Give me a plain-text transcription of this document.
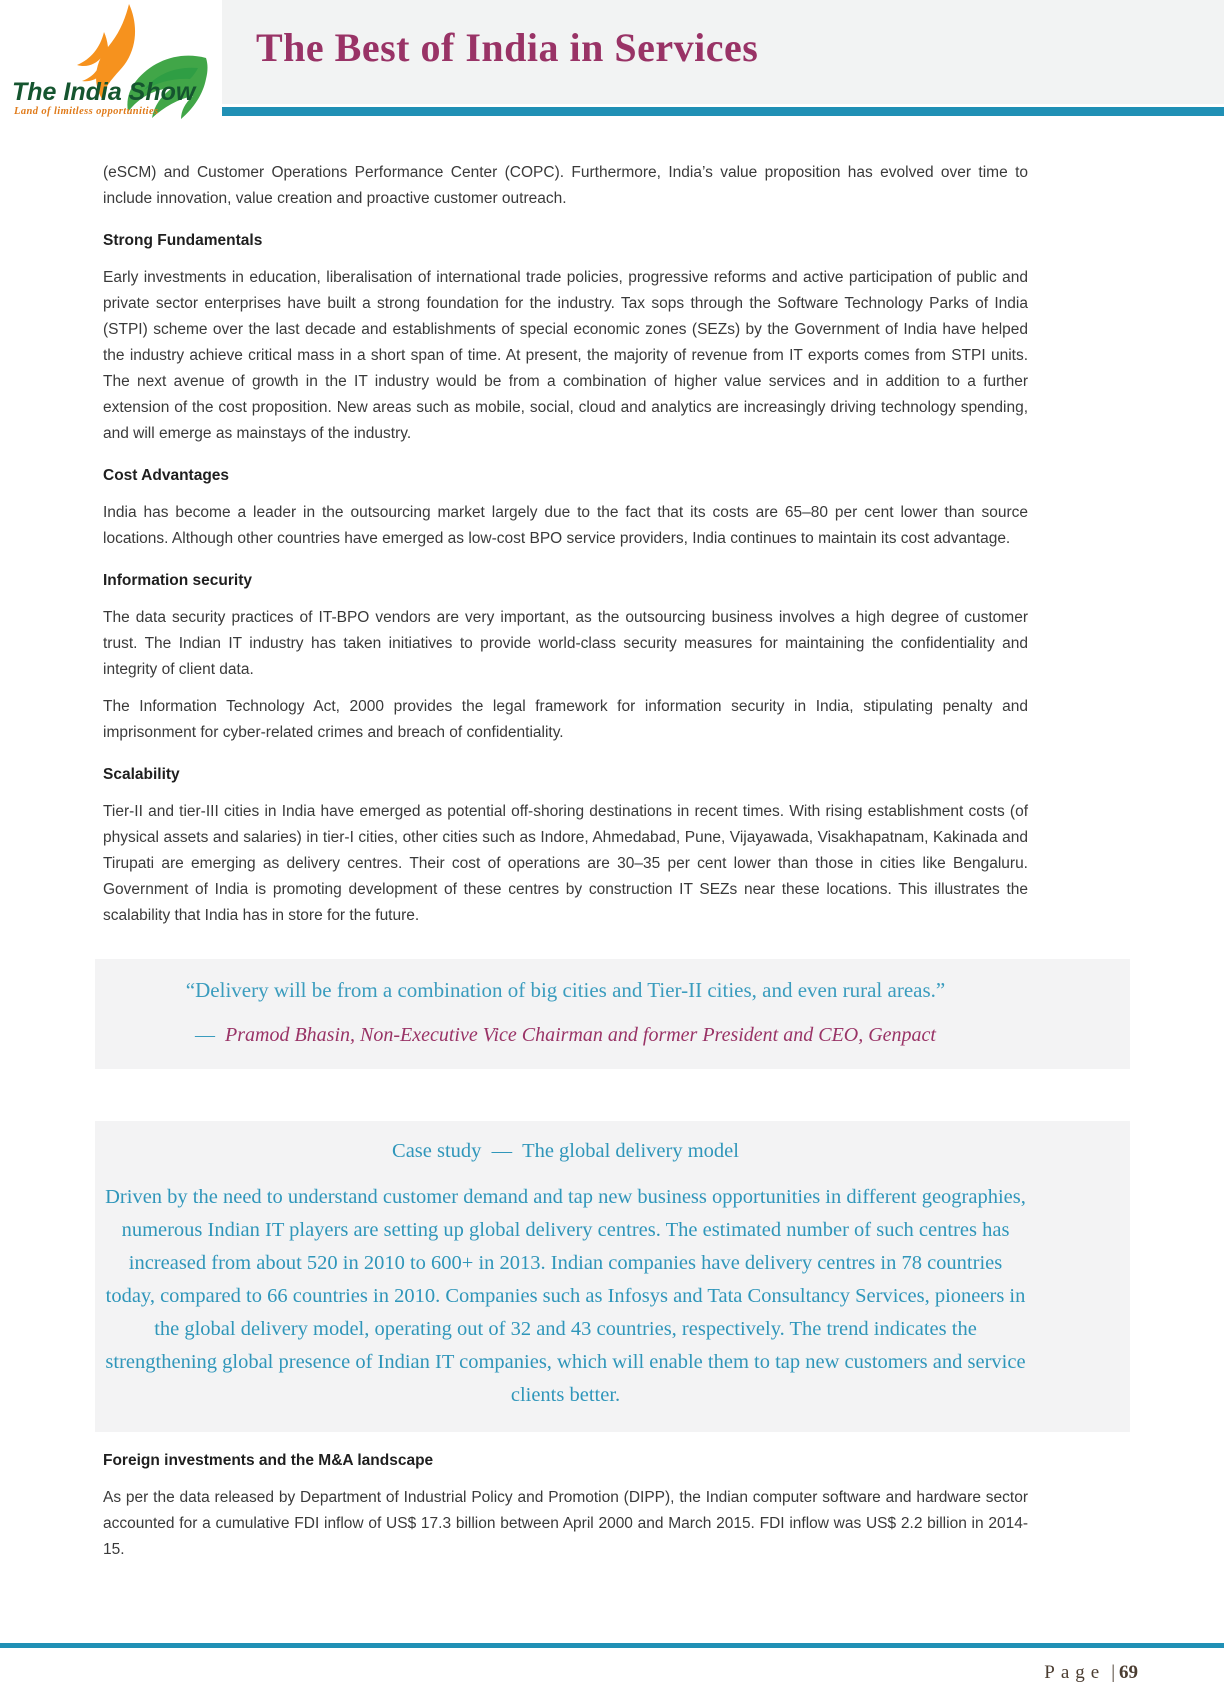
The Best of India in Services
The India Show
Land of limitless opportunities

(eSCM) and Customer Operations Performance Center (COPC). Furthermore, India’s value proposition has evolved over time to include innovation, value creation and proactive customer outreach.

Strong Fundamentals

Early investments in education, liberalisation of international trade policies, progressive reforms and active participation of public and private sector enterprises have built a strong foundation for the industry. Tax sops through the Software Technology Parks of India (STPI) scheme over the last decade and establishments of special economic zones (SEZs) by the Government of India have helped the industry achieve critical mass in a short span of time. At present, the majority of revenue from IT exports comes from STPI units. The next avenue of growth in the IT industry would be from a combination of higher value services and in addition to a further extension of the cost proposition. New areas such as mobile, social, cloud and analytics are increasingly driving technology spending, and will emerge as mainstays of the industry.

Cost Advantages

India has become a leader in the outsourcing market largely due to the fact that its costs are 65–80 per cent lower than source locations. Although other countries have emerged as low-cost BPO service providers, India continues to maintain its cost advantage.

Information security

The data security practices of IT-BPO vendors are very important, as the outsourcing business involves a high degree of customer trust. The Indian IT industry has taken initiatives to provide world-class security measures for maintaining the confidentiality and integrity of client data.

The Information Technology Act, 2000 provides the legal framework for information security in India, stipulating penalty and imprisonment for cyber-related crimes and breach of confidentiality.

Scalability

Tier-II and tier-III cities in India have emerged as potential off-shoring destinations in recent times. With rising establishment costs (of physical assets and salaries) in tier-I cities, other cities such as Indore, Ahmedabad, Pune, Vijayawada, Visakhapatnam, Kakinada and Tirupati are emerging as delivery centres. Their cost of operations are 30–35 per cent lower than those in cities like Bengaluru. Government of India is promoting development of these centres by construction IT SEZs near these locations. This illustrates the scalability that India has in store for the future.

“Delivery will be from a combination of big cities and Tier-II cities, and even rural areas.”

— Pramod Bhasin, Non-Executive Vice Chairman and former President and CEO, Genpact

Case study — The global delivery model

Driven by the need to understand customer demand and tap new business opportunities in different geographies, numerous Indian IT players are setting up global delivery centres. The estimated number of such centres has increased from about 520 in 2010 to 600+ in 2013. Indian companies have delivery centres in 78 countries today, compared to 66 countries in 2010. Companies such as Infosys and Tata Consultancy Services, pioneers in the global delivery model, operating out of 32 and 43 countries, respectively. The trend indicates the strengthening global presence of Indian IT companies, which will enable them to tap new customers and service clients better.

Foreign investments and the M&A landscape

As per the data released by Department of Industrial Policy and Promotion (DIPP), the Indian computer software and hardware sector accounted for a cumulative FDI inflow of US$ 17.3 billion between April 2000 and March 2015. FDI inflow was US$ 2.2 billion in 2014-15.

Page | 69
